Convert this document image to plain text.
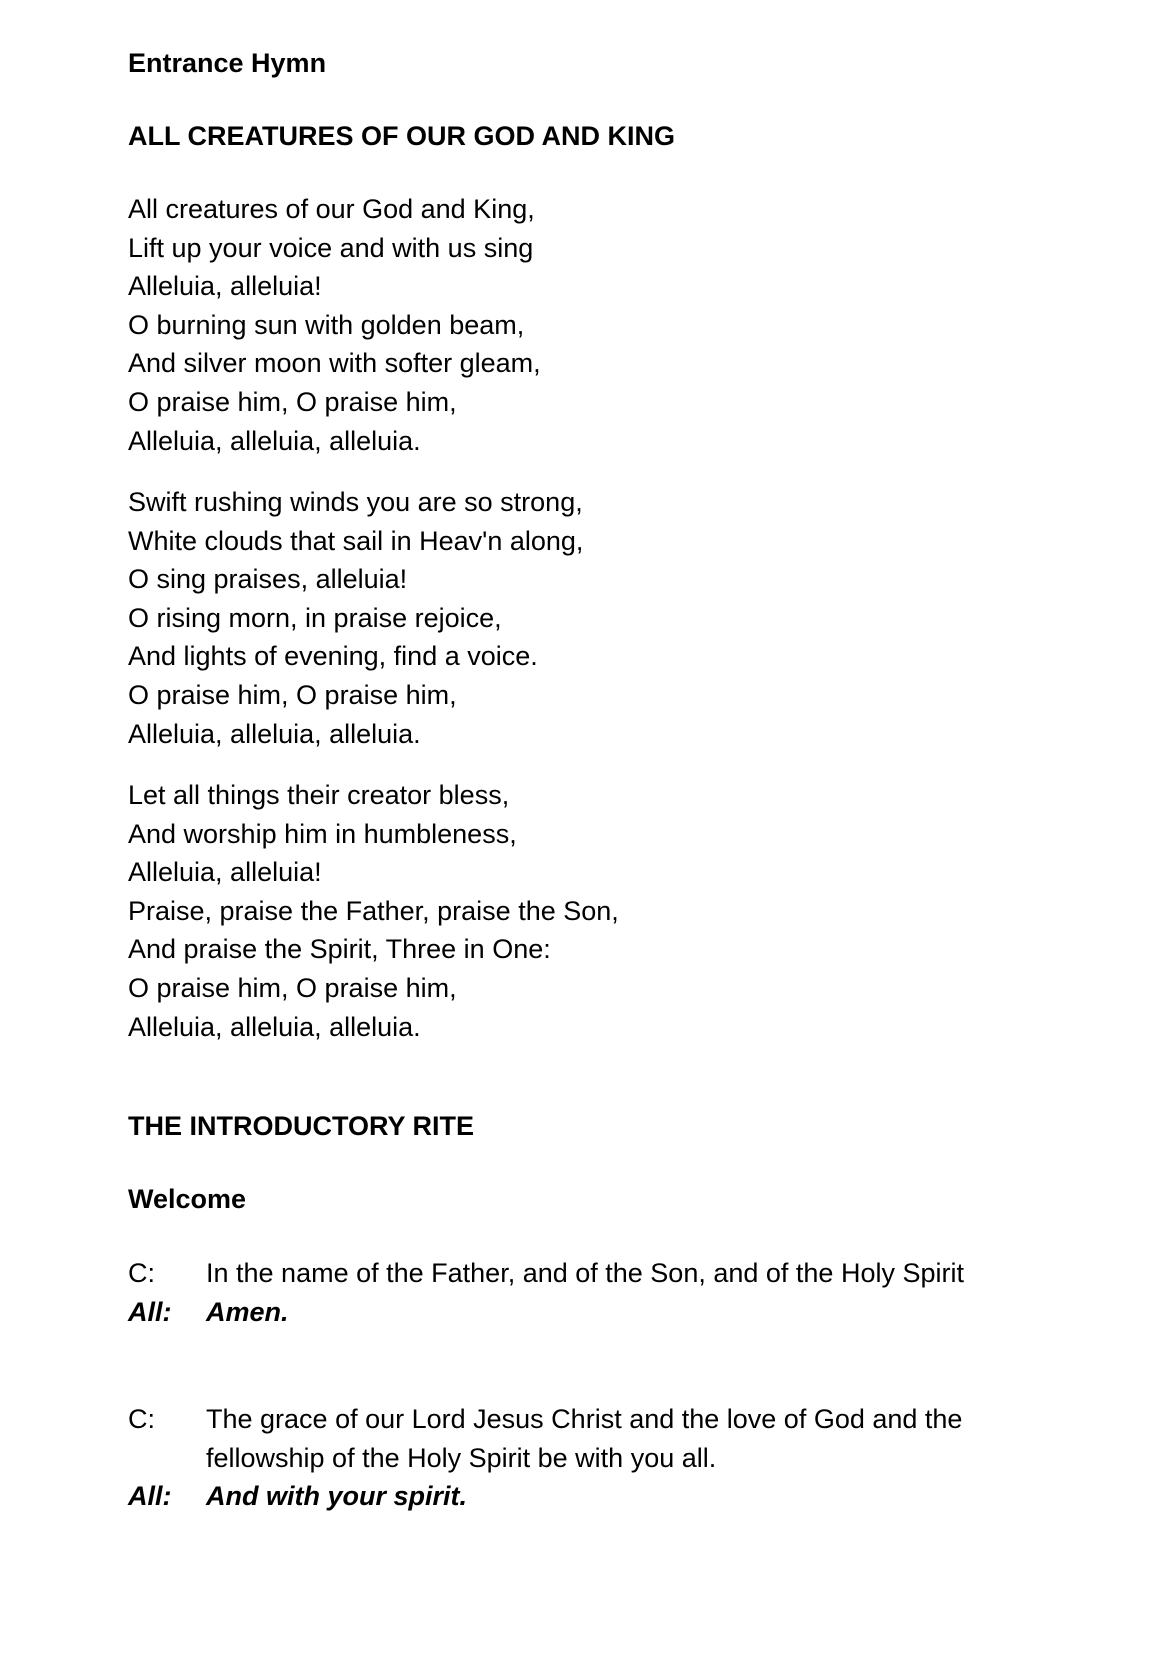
Entrance Hymn
ALL CREATURES OF OUR GOD AND KING
All creatures of our God and King,
Lift up your voice and with us sing
Alleluia, alleluia!
O burning sun with golden beam,
And silver moon with softer gleam,
O praise him, O praise him,
Alleluia, alleluia, alleluia.
Swift rushing winds you are so strong,
White clouds that sail in Heav'n along,
O sing praises, alleluia!
O rising morn, in praise rejoice,
And lights of evening, find a voice.
O praise him, O praise him,
Alleluia, alleluia, alleluia.
Let all things their creator bless,
And worship him in humbleness,
Alleluia, alleluia!
Praise, praise the Father, praise the Son,
And praise the Spirit, Three in One:
O praise him, O praise him,
Alleluia, alleluia, alleluia.
THE INTRODUCTORY RITE
Welcome
C:	In the name of the Father, and of the Son, and of the Holy Spirit
All:	Amen.
C:	The grace of our Lord Jesus Christ and the love of God and the fellowship of the Holy Spirit be with you all.
All:	And with your spirit.
